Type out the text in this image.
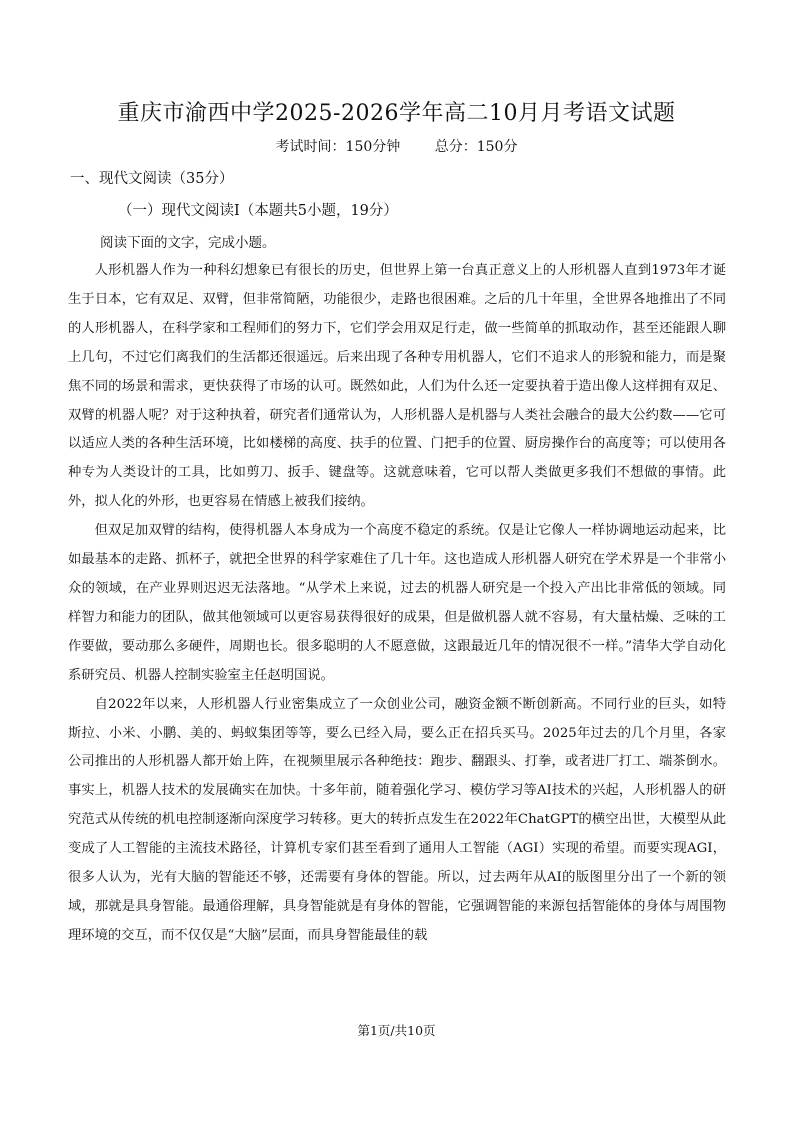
重庆市渝西中学2025-2026学年高二10月月考语文试题
考试时间：150分钟 总分：150分
一、现代文阅读（35分）
（一）现代文阅读Ⅰ（本题共5小题，19分）
阅读下面的文字，完成小题。

人形机器人作为一种科幻想象已有很长的历史，但世界上第一台真正意义上的人形机器人直到1973年才诞生于日本，它有双足、双臂，但非常简陋，功能很少，走路也很困难。之后的几十年里，全世界各地推出了不同的人形机器人，在科学家和工程师们的努力下，它们学会用双足行走，做一些简单的抓取动作，甚至还能跟人聊上几句，不过它们离我们的生活都还很遥远。后来出现了各种专用机器人，它们不追求人的形貌和能力，而是聚焦不同的场景和需求，更快获得了市场的认可。既然如此，人们为什么还一定要执着于造出像人这样拥有双足、双臂的机器人呢？对于这种执着，研究者们通常认为，人形机器人是机器与人类社会融合的最大公约数——它可以适应人类的各种生活环境，比如楼梯的高度、扶手的位置、门把手的位置、厨房操作台的高度等；可以使用各种专为人类设计的工具，比如剪刀、扳手、键盘等。这就意味着，它可以帮人类做更多我们不想做的事情。此外，拟人化的外形，也更容易在情感上被我们接纳。

但双足加双臂的结构，使得机器人本身成为一个高度不稳定的系统。仅是让它像人一样协调地运动起来，比如最基本的走路、抓杯子，就把全世界的科学家难住了几十年。这也造成人形机器人研究在学术界是一个非常小众的领域，在产业界则迟迟无法落地。“从学术上来说，过去的机器人研究是一个投入产出比非常低的领域。同样智力和能力的团队，做其他领域可以更容易获得很好的成果，但是做机器人就不容易，有大量枯燥、乏味的工作要做，要动那么多硬件，周期也长。很多聪明的人不愿意做，这跟最近几年的情况很不一样。”清华大学自动化系研究员、机器人控制实验室主任赵明国说。

自2022年以来，人形机器人行业密集成立了一众创业公司，融资金额不断创新高。不同行业的巨头，如特斯拉、小米、小鹏、美的、蚂蚁集团等等，要么已经入局，要么正在招兵买马。2025年过去的几个月里，各家公司推出的人形机器人都开始上阵，在视频里展示各种绝技：跑步、翻跟头、打拳，或者进厂打工、端茶倒水。事实上，机器人技术的发展确实在加快。十多年前，随着强化学习、模仿学习等AI技术的兴起，人形机器人的研究范式从传统的机电控制逐渐向深度学习转移。更大的转折点发生在2022年ChatGPT的横空出世，大模型从此变成了人工智能的主流技术路径，计算机专家们甚至看到了通用人工智能（AGI）实现的希望。而要实现AGI，很多人认为，光有大脑的智能还不够，还需要有身体的智能。所以，过去两年从AI的版图里分出了一个新的领域，那就是具身智能。最通俗理解，具身智能就是有身体的智能，它强调智能的来源包括智能体的身体与周围物理环境的交互，而不仅仅是“大脑”层面，而具身智能最佳的载

第1页/共10页
